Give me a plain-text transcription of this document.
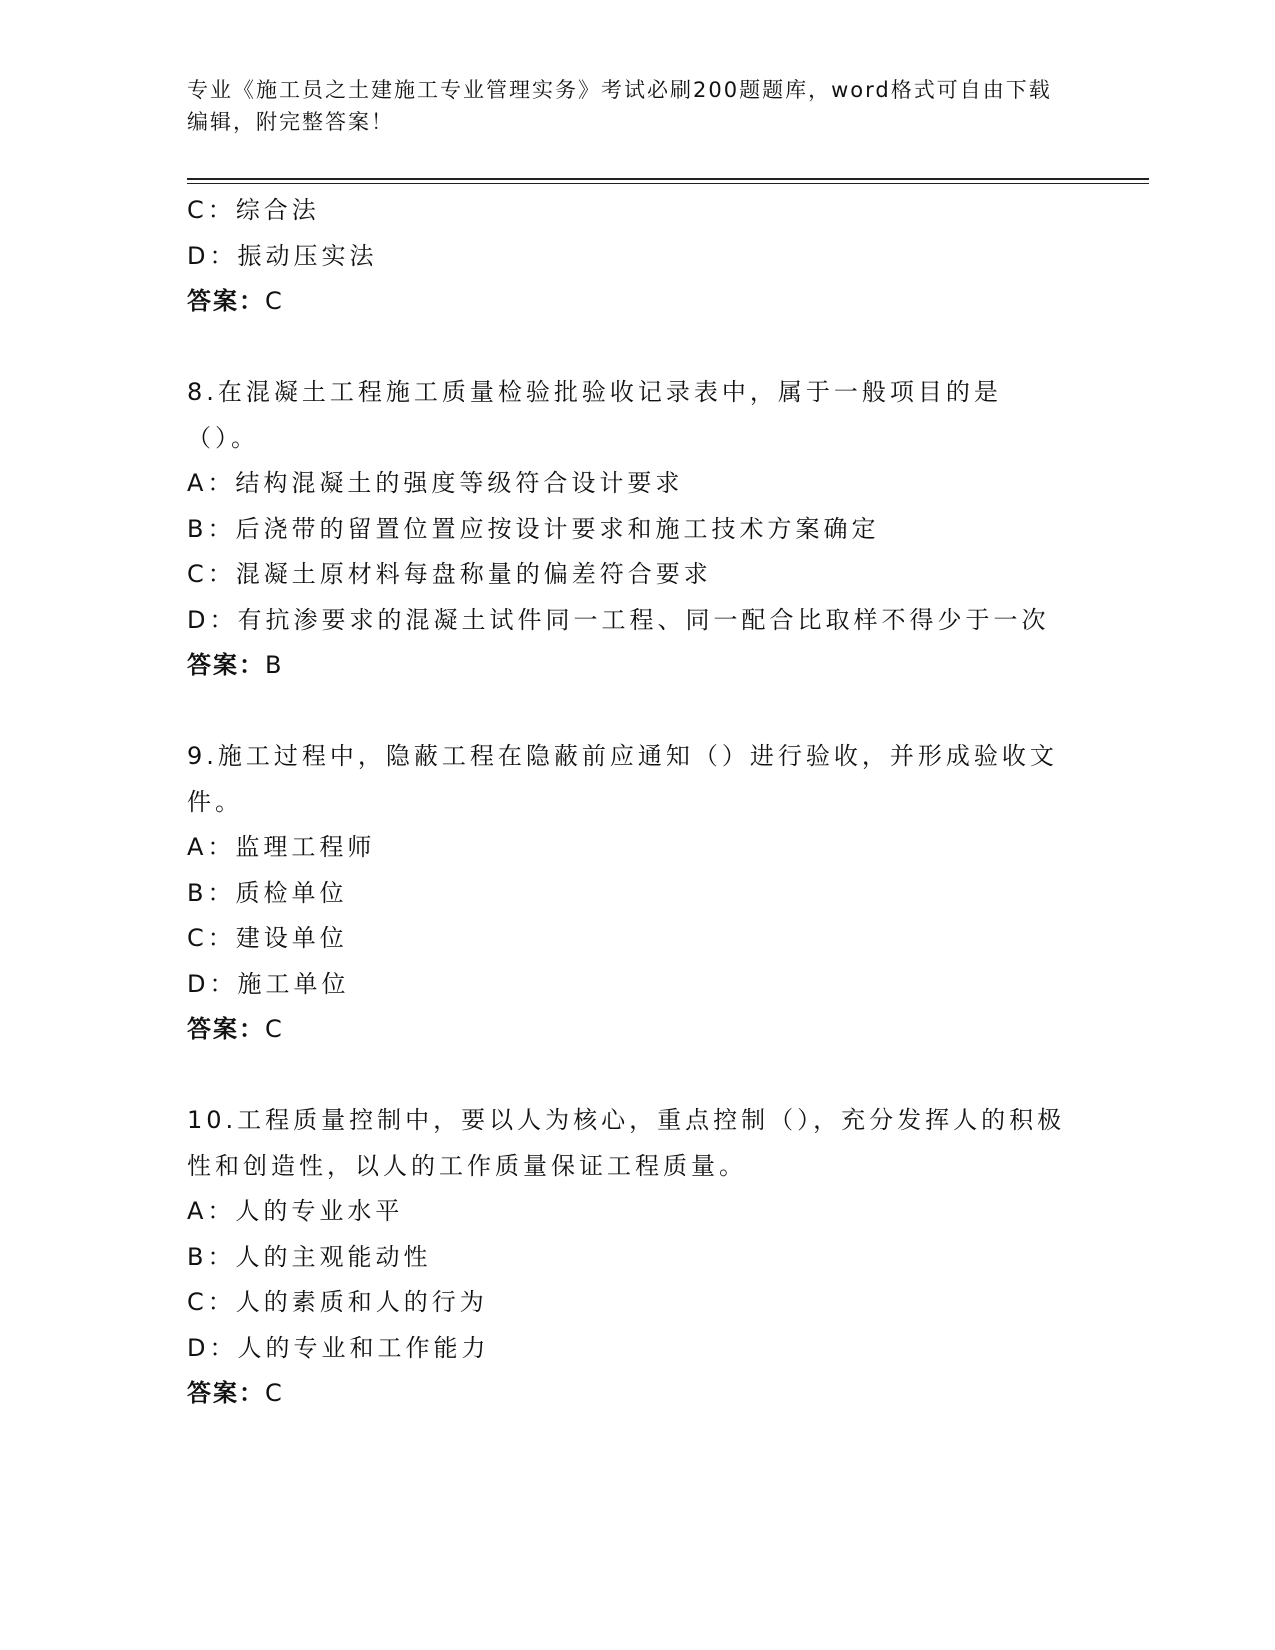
专业《施工员之土建施工专业管理实务》考试必刷200题题库，word格式可自由下载编辑，附完整答案！
C：综合法
D：振动压实法
答案：C
8.在混凝土工程施工质量检验批验收记录表中，属于一般项目的是（）。
A：结构混凝土的强度等级符合设计要求
B：后浇带的留置位置应按设计要求和施工技术方案确定
C：混凝土原材料每盘称量的偏差符合要求
D：有抗渗要求的混凝土试件同一工程、同一配合比取样不得少于一次
答案：B
9.施工过程中，隐蔽工程在隐蔽前应通知（）进行验收，并形成验收文件。
A：监理工程师
B：质检单位
C：建设单位
D：施工单位
答案：C
10.工程质量控制中，要以人为核心，重点控制（），充分发挥人的积极性和创造性，以人的工作质量保证工程质量。
A：人的专业水平
B：人的主观能动性
C：人的素质和人的行为
D：人的专业和工作能力
答案：C
